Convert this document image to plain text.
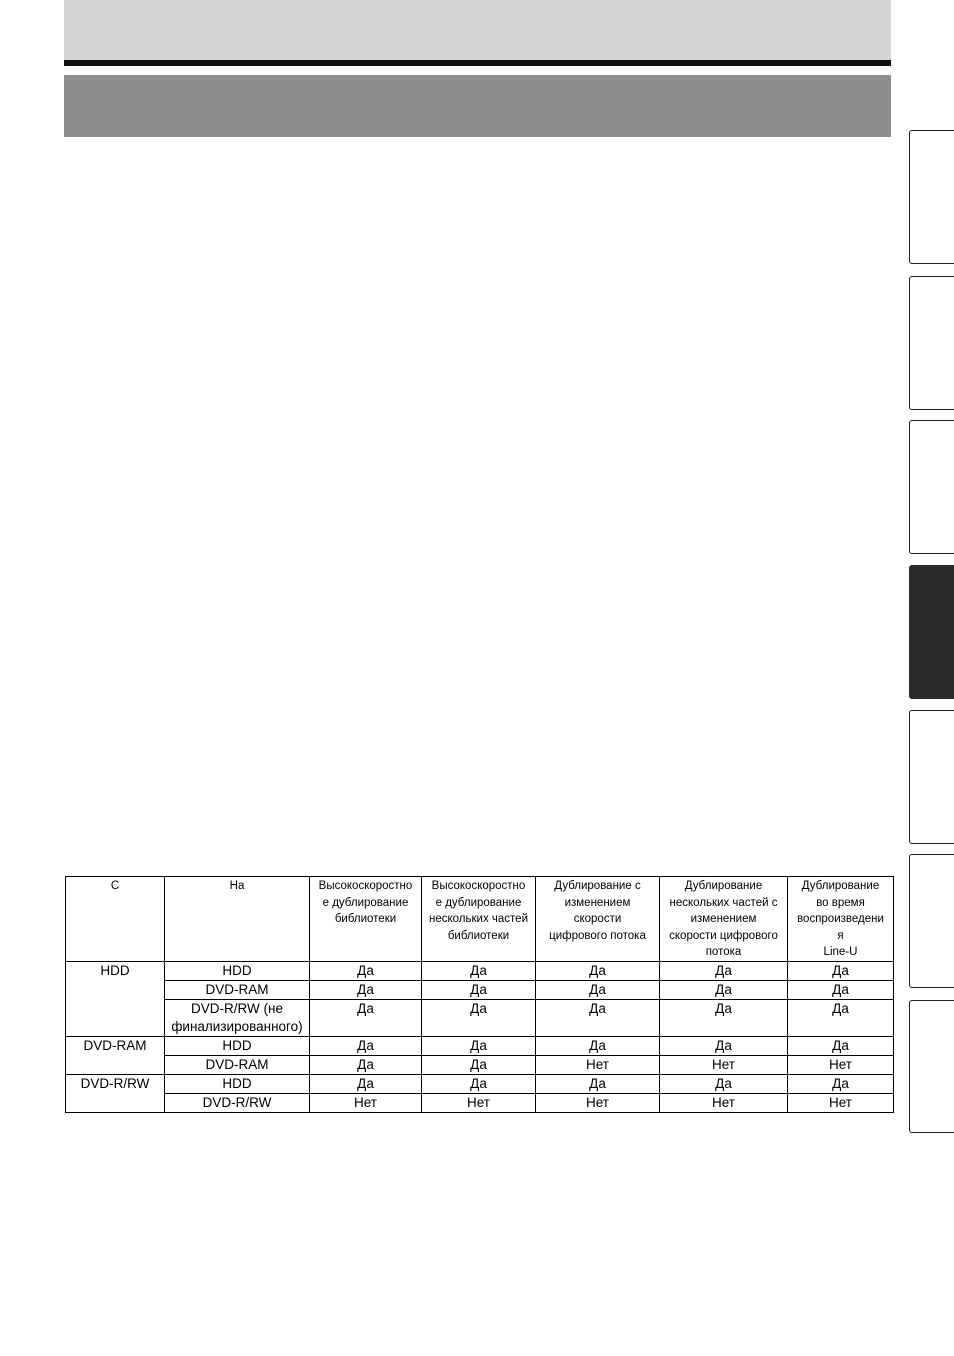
С	На	Высокоскоростно
е дублирование
библиотеки	Высокоскоростно
е дублирование
нескольких частей
библиотеки	Дублирование с
изменением
скорости
цифрового потока	Дублирование
нескольких частей с
изменением
скорости цифрового
потока	Дублирование
во время
воспроизведени
я
Line-U

HDD	HDD	Да	Да	Да	Да	Да
	DVD-RAM	Да	Да	Да	Да	Да

	DVD-R/RW (не
финализированного)	Да	Да	Да	Да	Да
DVD-RAM	HDD	Да	Да	Да	Да	Да
	DVD-RAM	Да	Да	Нет	Нет	Нет
DVD-R/RW	HDD	Да	Да	Да	Да	Да
	DVD-R/RW	Нет	Нет	Нет	Нет	Нет
